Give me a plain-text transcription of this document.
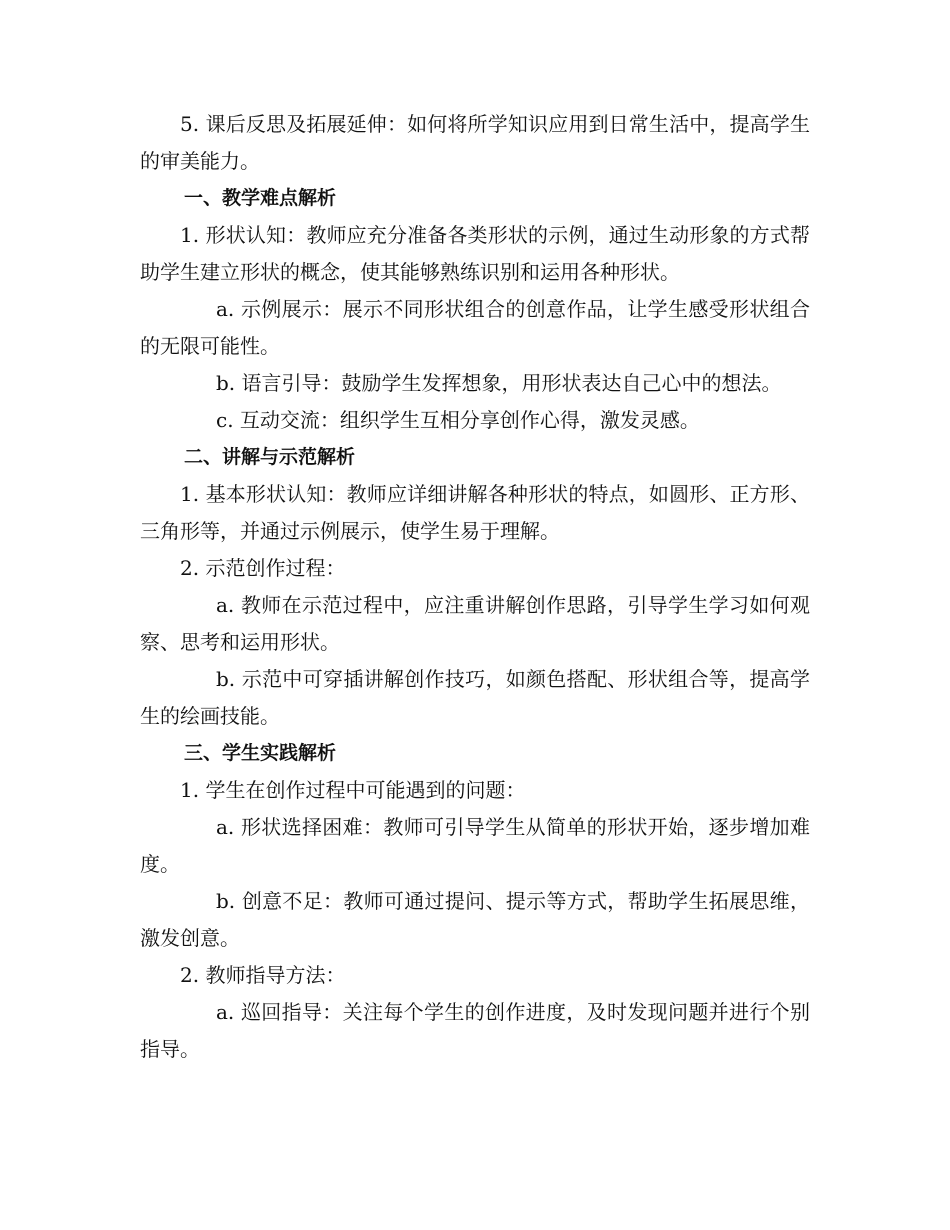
5. 课后反思及拓展延伸：如何将所学知识应用到日常生活中，提高学生的审美能力。

一、教学难点解析

1. 形状认知：教师应充分准备各类形状的示例，通过生动形象的方式帮助学生建立形状的概念，使其能够熟练识别和运用各种形状。

a. 示例展示：展示不同形状组合的创意作品，让学生感受形状组合的无限可能性。

b. 语言引导：鼓励学生发挥想象，用形状表达自己心中的想法。

c. 互动交流：组织学生互相分享创作心得，激发灵感。

二、讲解与示范解析

1. 基本形状认知：教师应详细讲解各种形状的特点，如圆形、正方形、三角形等，并通过示例展示，使学生易于理解。

2. 示范创作过程：

a. 教师在示范过程中，应注重讲解创作思路，引导学生学习如何观察、思考和运用形状。

b. 示范中可穿插讲解创作技巧，如颜色搭配、形状组合等，提高学生的绘画技能。

三、学生实践解析

1. 学生在创作过程中可能遇到的问题：

a. 形状选择困难：教师可引导学生从简单的形状开始，逐步增加难度。

b. 创意不足：教师可通过提问、提示等方式，帮助学生拓展思维，激发创意。

2. 教师指导方法：

a. 巡回指导：关注每个学生的创作进度，及时发现问题并进行个别指导。
